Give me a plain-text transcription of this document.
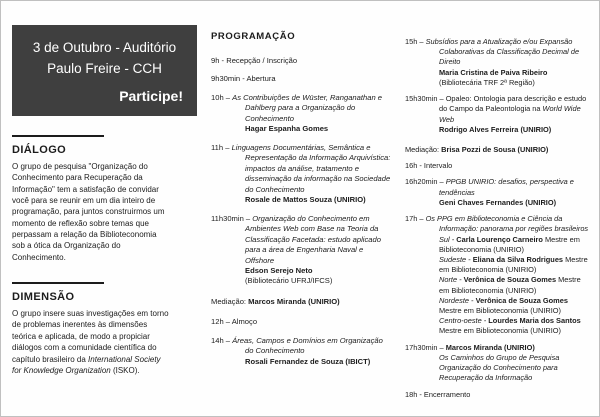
3 de Outubro - Auditório
Paulo Freire - CCH
Participe!
DIÁLOGO

O grupo de pesquisa "Organização do Conhecimento para Recuperação da Informação" tem a satisfação de convidar você para se reunir em um dia inteiro de programação, para juntos construirmos um momento de reflexão sobre temas que perpassam a relação da Biblioteconomia sob a ótica da Organização do Conhecimento.

DIMENSÃO

O grupo insere suas investigações em torno de problemas inerentes às dimensões teórica e aplicada, de modo a propiciar diálogos com a comunidade científica do capítulo brasileiro da International Society for Knowledge Organization (ISKO).

PROGRAMAÇÃO

9h - Recepção / Inscrição

9h30min - Abertura

10h – As Contribuições de Wüster, Ranganathan e Dahlberg para a Organização do Conhecimento

Hagar Espanha Gomes

11h – Linguagens Documentárias, Semântica e Representação da Informação Arquivística: impactos da análise, tratamento e disseminação da informação na Sociedade do Conhecimento

Rosale de Mattos Souza (UNIRIO)

11h30min – Organização do Conhecimento em Ambientes Web com Base na Teoria da Classificação Facetada: estudo aplicado para a área de Engenharia Naval e Offshore

Edson Serejo Neto
(Bibliotecário UFRJ/IFCS)
Mediação: Marcos Miranda (UNIRIO)

12h – Almoço

14h – Áreas, Campos e Domínios em Organização do Conhecimento

Rosali Fernandez de Souza (IBICT)

15h – Subsídios para a Atualização e/ou Expansão Colaborativas da Classificação Decimal de Direito

Maria Cristina de Paiva Ribeiro
(Bibliotecária TRF 2ª Região)

15h30min – Opaleo: Ontologia para descrição e estudo do Campo da Paleontologia na World Wide Web

Rodrigo Alves Ferreira (UNIRIO)
Mediação: Brisa Pozzi de Sousa (UNIRIO)

16h - Intervalo

16h20min – PPGB UNIRIO: desafios, perspectiva e tendências

Geni Chaves Fernandes (UNIRIO)

17h – Os PPG em Biblioteconomia e Ciência da Informação: panorama por regiões brasileiros

Sul - Carla Lourenço Carneiro Mestre em Biblioteconomia (UNIRIO)
Sudeste - Eliana da Silva Rodrigues Mestre em Biblioteconomia (UNIRIO)
Norte - Verônica de Souza Gomes Mestre em Biblioteconomia (UNIRIO)
Nordeste - Verônica de Souza Gomes Mestre em Biblioteconomia (UNIRIO)
Centro-oeste - Lourdes Maria dos Santos Mestre em Biblioteconomia (UNIRIO)

17h30min – Marcos Miranda (UNIRIO)

Os Caminhos do Grupo de Pesquisa Organização do Conhecimento para Recuperação da Informação

18h - Encerramento
